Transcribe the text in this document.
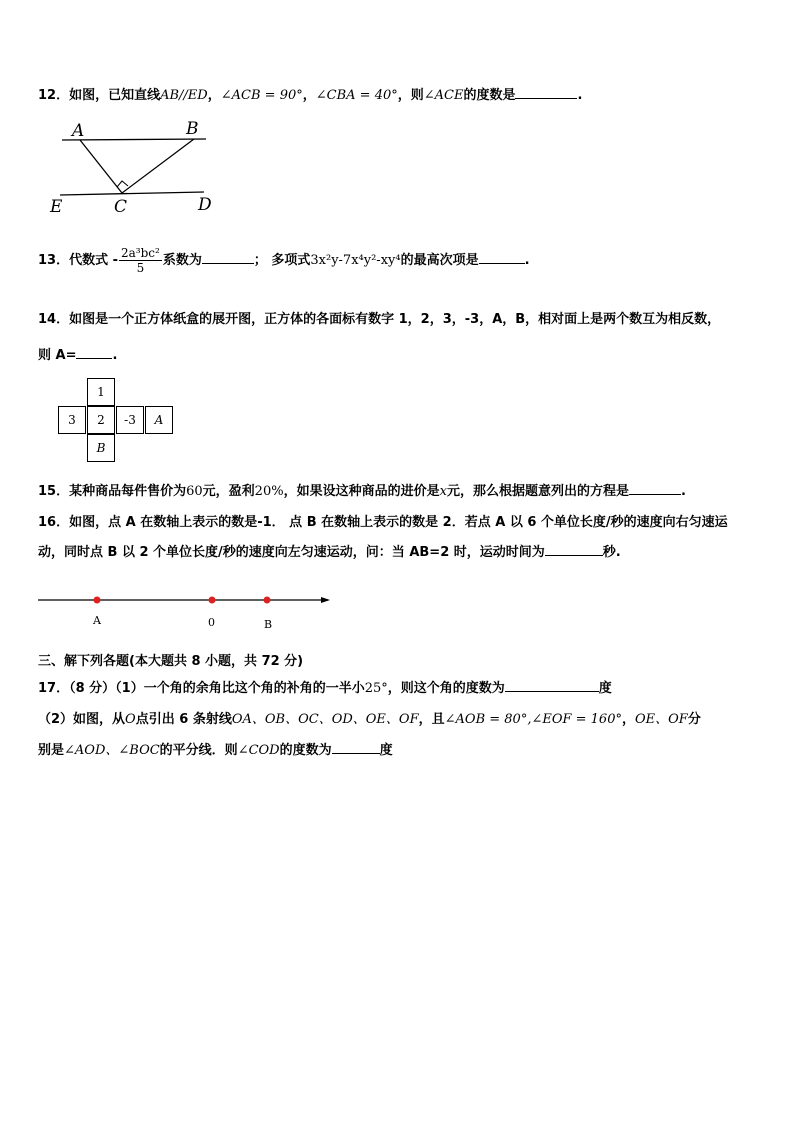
12．如图，已知直线AB//ED，∠ACB = 90°，∠CBA = 40°，则∠ACE的度数是	.
A	B
C	D
E
13．代数式 - $\frac{\text{2a³bc²}}{5}$ 系数为	； 多项式3x²y-7x⁴y²-xy⁴的最高次项是	.
14．如图是一个正方体纸盒的展开图，正方体的各面标有数字 1，2，3，-3，A，B，相对面上是两个数互为相反数，
则 A=	.
1
3	2	-3	A
B
15．某种商品每件售价为60元，盈利20%，如果设这种商品的进价是x元，那么根据题意列出的方程是	.
16．如图，点 A 在数轴上表示的数是-1． 点 B 在数轴上表示的数是 2．若点 A 以 6 个单位长度/秒的速度向右匀速运
动，同时点 B 以 2 个单位长度/秒的速度向左匀速运动，问：当 AB=2 时，运动时间为	秒.
A	0	B
三、解下列各题(本大题共 8 小题，共 72 分)
17．（8 分）（1）一个角的余角比这个角的补角的一半小25°，则这个角的度数为	度
（2）如图，从O点引出 6 条射线OA、OB、OC、OD、OE、OF，且∠AOB = 80°,∠EOF = 160°，OE、OF分
别是∠AOD、∠BOC的平分线．则∠COD的度数为	度
